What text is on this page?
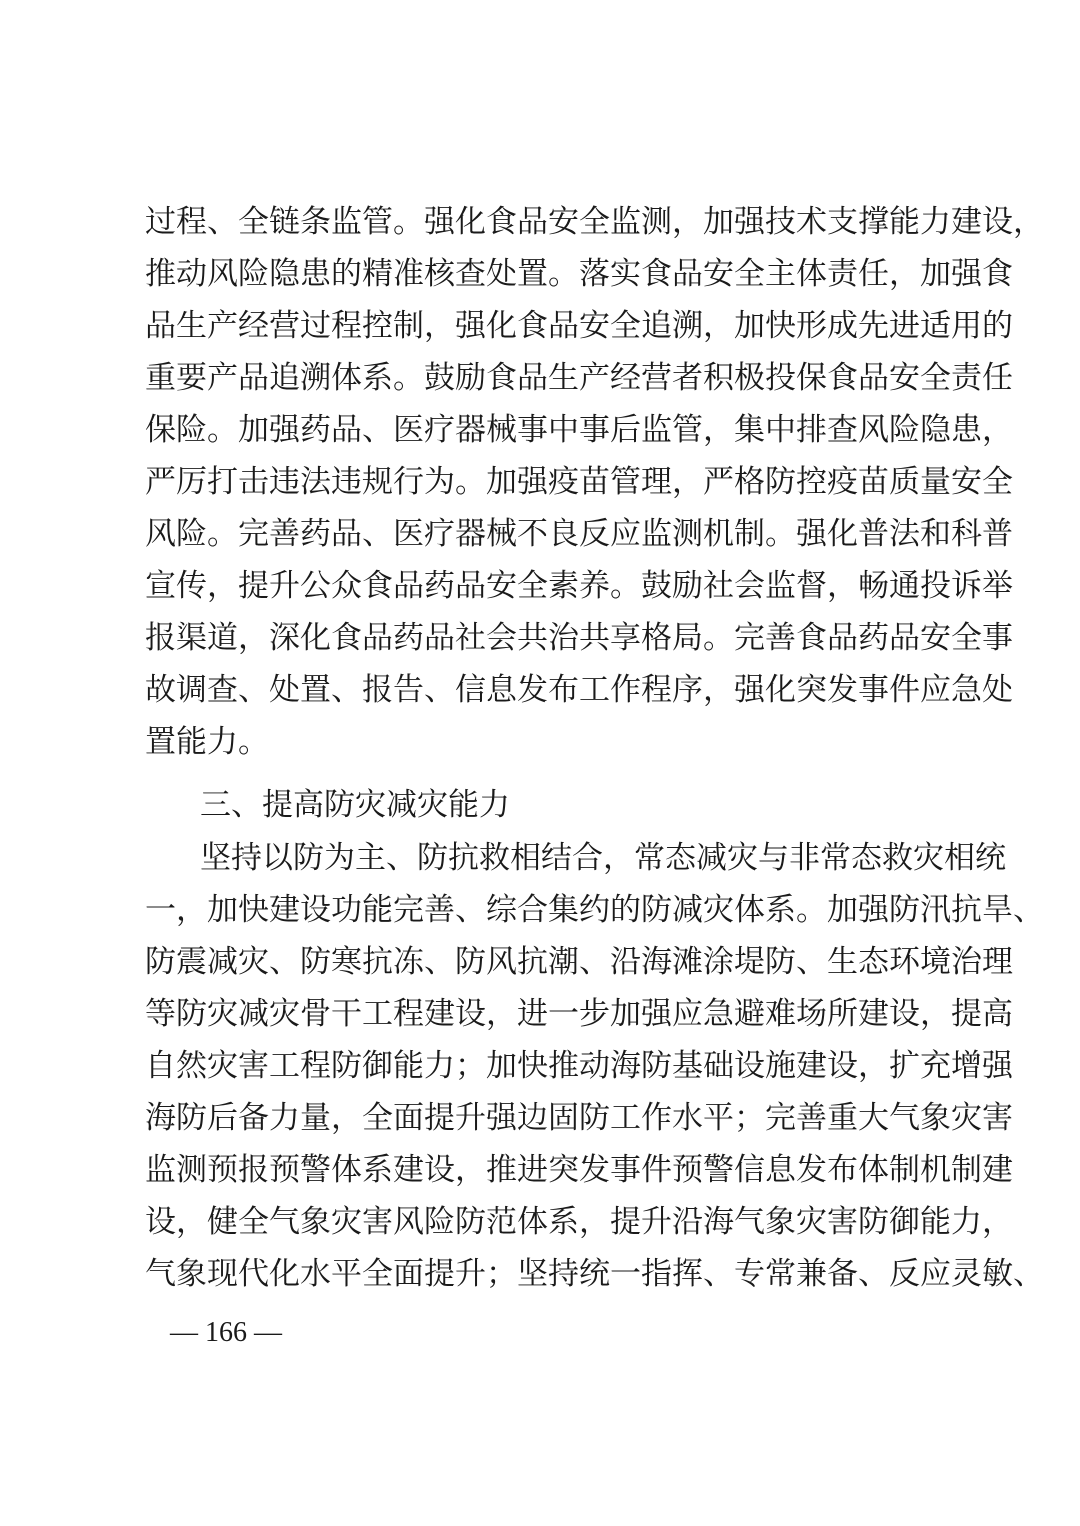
过程、全链条监管。强化食品安全监测，加强技术支撑能力建设，
推动风险隐患的精准核查处置。落实食品安全主体责任，加强食
品生产经营过程控制，强化食品安全追溯，加快形成先进适用的
重要产品追溯体系。鼓励食品生产经营者积极投保食品安全责任
保险。加强药品、医疗器械事中事后监管，集中排查风险隐患，
严厉打击违法违规行为。加强疫苗管理，严格防控疫苗质量安全
风险。完善药品、医疗器械不良反应监测机制。强化普法和科普
宣传，提升公众食品药品安全素养。鼓励社会监督，畅通投诉举
报渠道，深化食品药品社会共治共享格局。完善食品药品安全事
故调查、处置、报告、信息发布工作程序，强化突发事件应急处
置能力。
三、提高防灾减灾能力
坚持以防为主、防抗救相结合，常态减灾与非常态救灾相统
一，加快建设功能完善、综合集约的防减灾体系。加强防汛抗旱、
防震减灾、防寒抗冻、防风抗潮、沿海滩涂堤防、生态环境治理
等防灾减灾骨干工程建设，进一步加强应急避难场所建设，提高
自然灾害工程防御能力；加快推动海防基础设施建设，扩充增强
海防后备力量，全面提升强边固防工作水平；完善重大气象灾害
监测预报预警体系建设，推进突发事件预警信息发布体制机制建
设，健全气象灾害风险防范体系，提升沿海气象灾害防御能力，
气象现代化水平全面提升；坚持统一指挥、专常兼备、反应灵敏、
— 166 —
